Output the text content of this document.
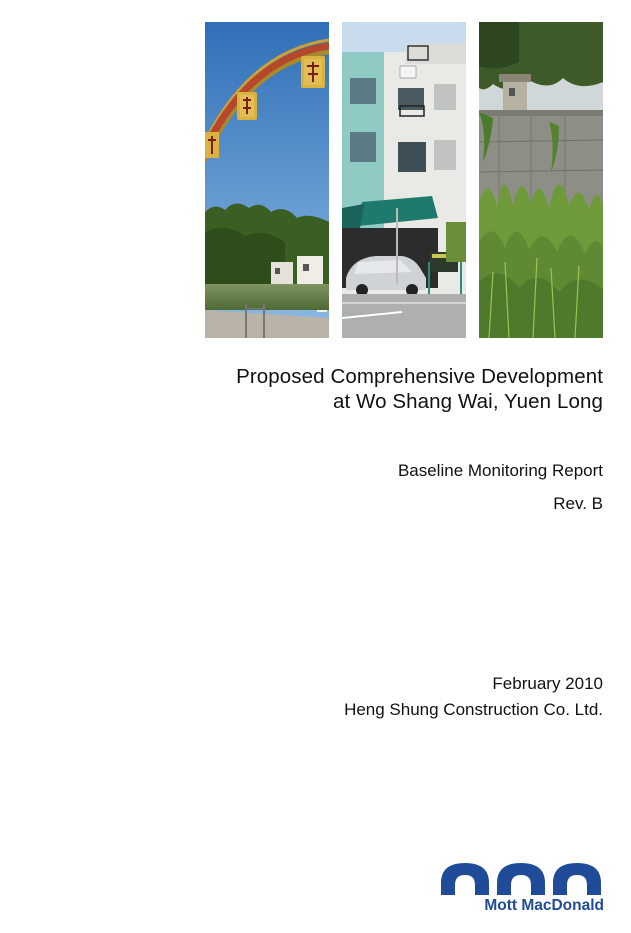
Proposed Comprehensive Development
at Wo Shang Wai, Yuen Long
Baseline Monitoring Report
Rev. B
February 2010
Heng Shung Construction Co. Ltd.
Mott MacDonald
